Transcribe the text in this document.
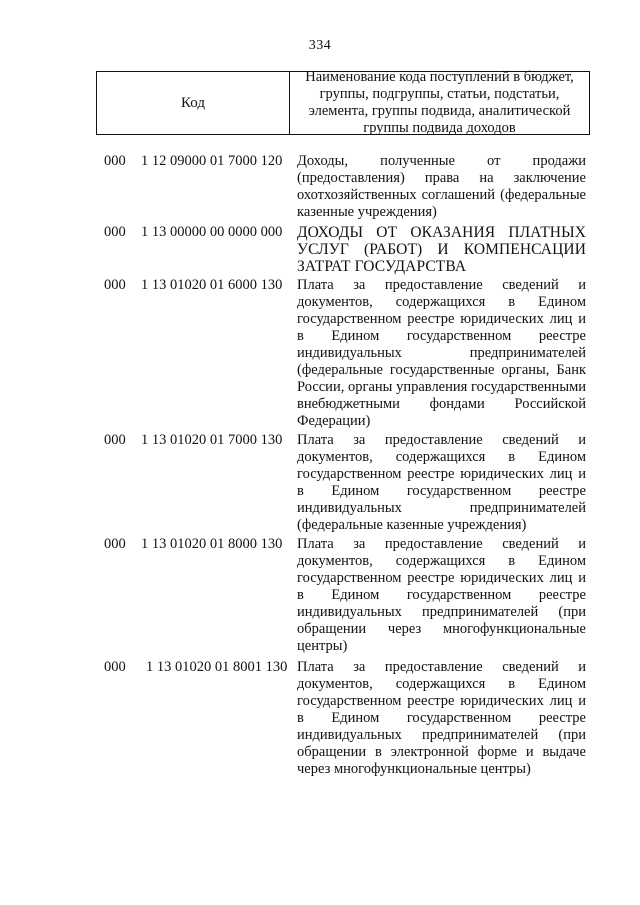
334
Код
Наименование кода поступлений в бюджет, группы, подгруппы, статьи, подстатьи, элемента, группы подвида, аналитической группы подвида доходов
000 1 12 09000 01 7000 120 Доходы, полученные от продажи (предоставления) права на заключение охотхозяйственных соглашений (федеральные казенные учреждения)
000 1 13 00000 00 0000 000 ДОХОДЫ ОТ ОКАЗАНИЯ ПЛАТНЫХ УСЛУГ (РАБОТ) И КОМПЕНСАЦИИ ЗАТРАТ ГОСУДАРСТВА
000 1 13 01020 01 6000 130 Плата за предоставление сведений и документов, содержащихся в Едином государственном реестре юридических лиц и в Едином государственном реестре индивидуальных предпринимателей (федеральные государственные органы, Банк России, органы управления государственными внебюджетными фондами Российской Федерации)
000 1 13 01020 01 7000 130 Плата за предоставление сведений и документов, содержащихся в Едином государственном реестре юридических лиц и в Едином государственном реестре индивидуальных предпринимателей (федеральные казенные учреждения)
000 1 13 01020 01 8000 130 Плата за предоставление сведений и документов, содержащихся в Едином государственном реестре юридических лиц и в Едином государственном реестре индивидуальных предпринимателей (при обращении через многофункциональные центры)
000 1 13 01020 01 8001 130 Плата за предоставление сведений и документов, содержащихся в Едином государственном реестре юридических лиц и в Едином государственном реестре индивидуальных предпринимателей (при обращении в электронной форме и выдаче через многофункциональные центры)
